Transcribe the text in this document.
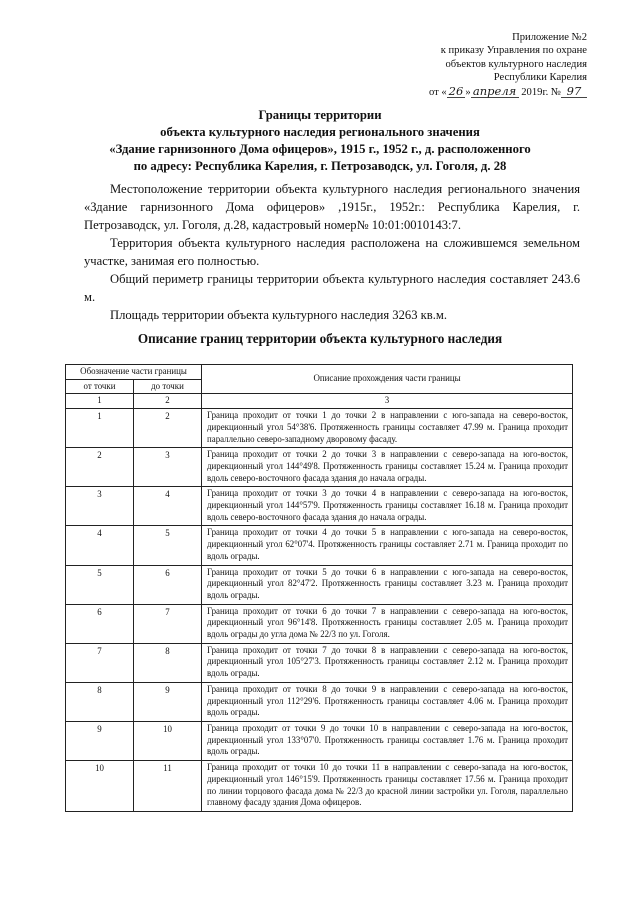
Приложение №2
к приказу Управления по охране
объектов культурного наследия
Республики Карелия
от « 26 » апреля 2019г. № 97
Границы территории
объекта культурного наследия регионального значения
«Здание гарнизонного Дома офицеров», 1915 г., 1952 г., д. расположенного
по адресу: Республика Карелия, г. Петрозаводск, ул. Гоголя, д. 28

Местоположение территории объекта культурного наследия регионального значения «Здание гарнизонного Дома офицеров» ,1915г., 1952г.: Республика Карелия, г. Петрозаводск, ул. Гоголя, д.28, кадастровый номер№ 10:01:0010143:7.

Территория объекта культурного наследия расположена на сложившемся земельном участке, занимая его полностью.

Общий периметр границы территории объекта культурного наследия составляет 243.6 м.

Площадь территории объекта культурного наследия 3263 кв.м.

Описание границ территории объекта культурного наследия
Обозначение части границы		Описание прохождения части границы
от точки	до точки	
1	2	3
1	2	Граница проходит от точки 1 до точки 2 в направлении с юго-запада на северо-восток, дирекционный угол 54°38'6. Протяженность границы составляет 47.99 м. Граница проходит параллельно северо-западному дворовому фасаду.
2	3	Граница проходит от точки 2 до точки 3 в направлении с северо-запада на юго-восток, дирекционный угол 144°49'8. Протяженность границы составляет 15.24 м. Граница проходит вдоль северо-восточного фасада здания до начала ограды.
3	4	Граница проходит от точки 3 до точки 4 в направлении с северо-запада на юго-восток, дирекционный угол 144°57'9. Протяженность границы составляет 16.18 м. Граница проходит вдоль северо-восточного фасада здания до начала ограды.
4	5	Граница проходит от точки 4 до точки 5 в направлении с юго-запада на северо-восток, дирекционный угол 62°07'4. Протяженность границы составляет 2.71 м. Граница проходит по вдоль ограды.
5	6	Граница проходит от точки 5 до точки 6 в направлении с юго-запада на северо-восток, дирекционный угол 82°47'2. Протяженность границы составляет 3.23 м. Граница проходит вдоль ограды.
6	7	Граница проходит от точки 6 до точки 7 в направлении с северо-запада на юго-восток, дирекционный угол 96°14'8. Протяженность границы составляет 2.05 м. Граница проходит вдоль ограды до угла дома № 22/3 по ул. Гоголя.
7	8	Граница проходит от точки 7 до точки 8 в направлении с северо-запада на юго-восток, дирекционный угол 105°27'3. Протяженность границы составляет 2.12 м. Граница проходит вдоль ограды.
8	9	Граница проходит от точки 8 до точки 9 в направлении с северо-запада на юго-восток, дирекционный угол 112°29'6. Протяженность границы составляет 4.06 м. Граница проходит вдоль ограды.
9	10	Граница проходит от точки 9 до точки 10 в направлении с северо-запада на юго-восток, дирекционный угол 133°07'0. Протяженность границы составляет 1.76 м. Граница проходит вдоль ограды.
10	11	Граница проходит от точки 10 до точки 11 в направлении с северо-запада на юго-восток, дирекционный угол 146°15'9. Протяженность границы составляет 17.56 м. Граница проходит по линии торцового фасада дома № 22/3 до красной линии застройки ул. Гоголя, параллельно главному фасаду здания Дома офицеров.
